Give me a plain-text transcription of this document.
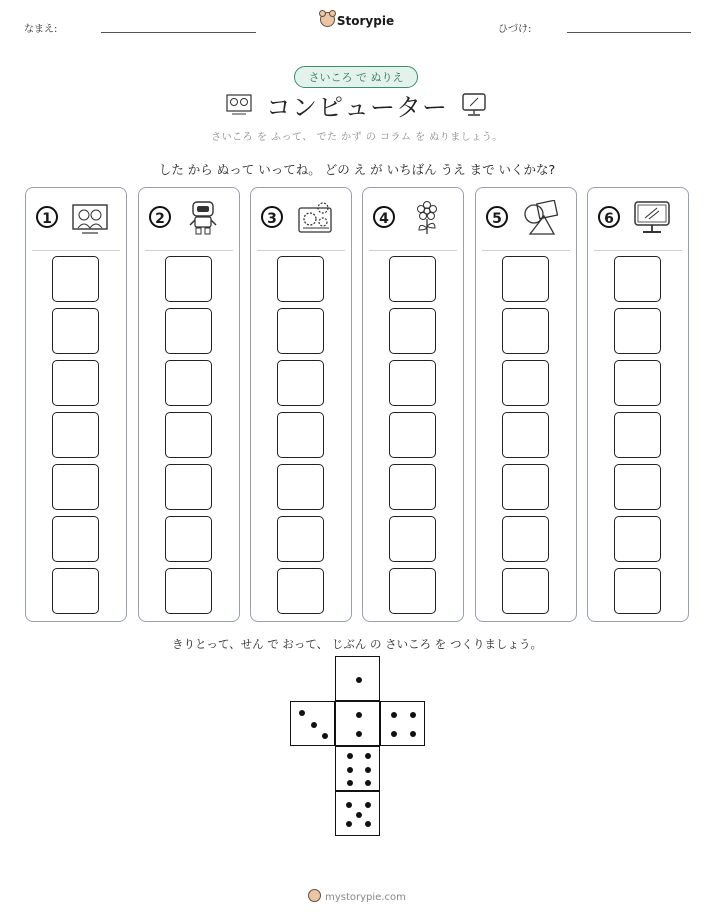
なまえ:
Storypie
ひづけ:
さいころ で ぬりえ
コンピューター
さいころ を ふって、 でた かず の コラム を ぬりましょう。
した から ぬって いってね。 どの え が いちばん うえ まで いくかな?
1	2	3	4	5	6
きりとって、せん で おって、 じぶん の さいころ を つくりましょう。
mystorypie.com
